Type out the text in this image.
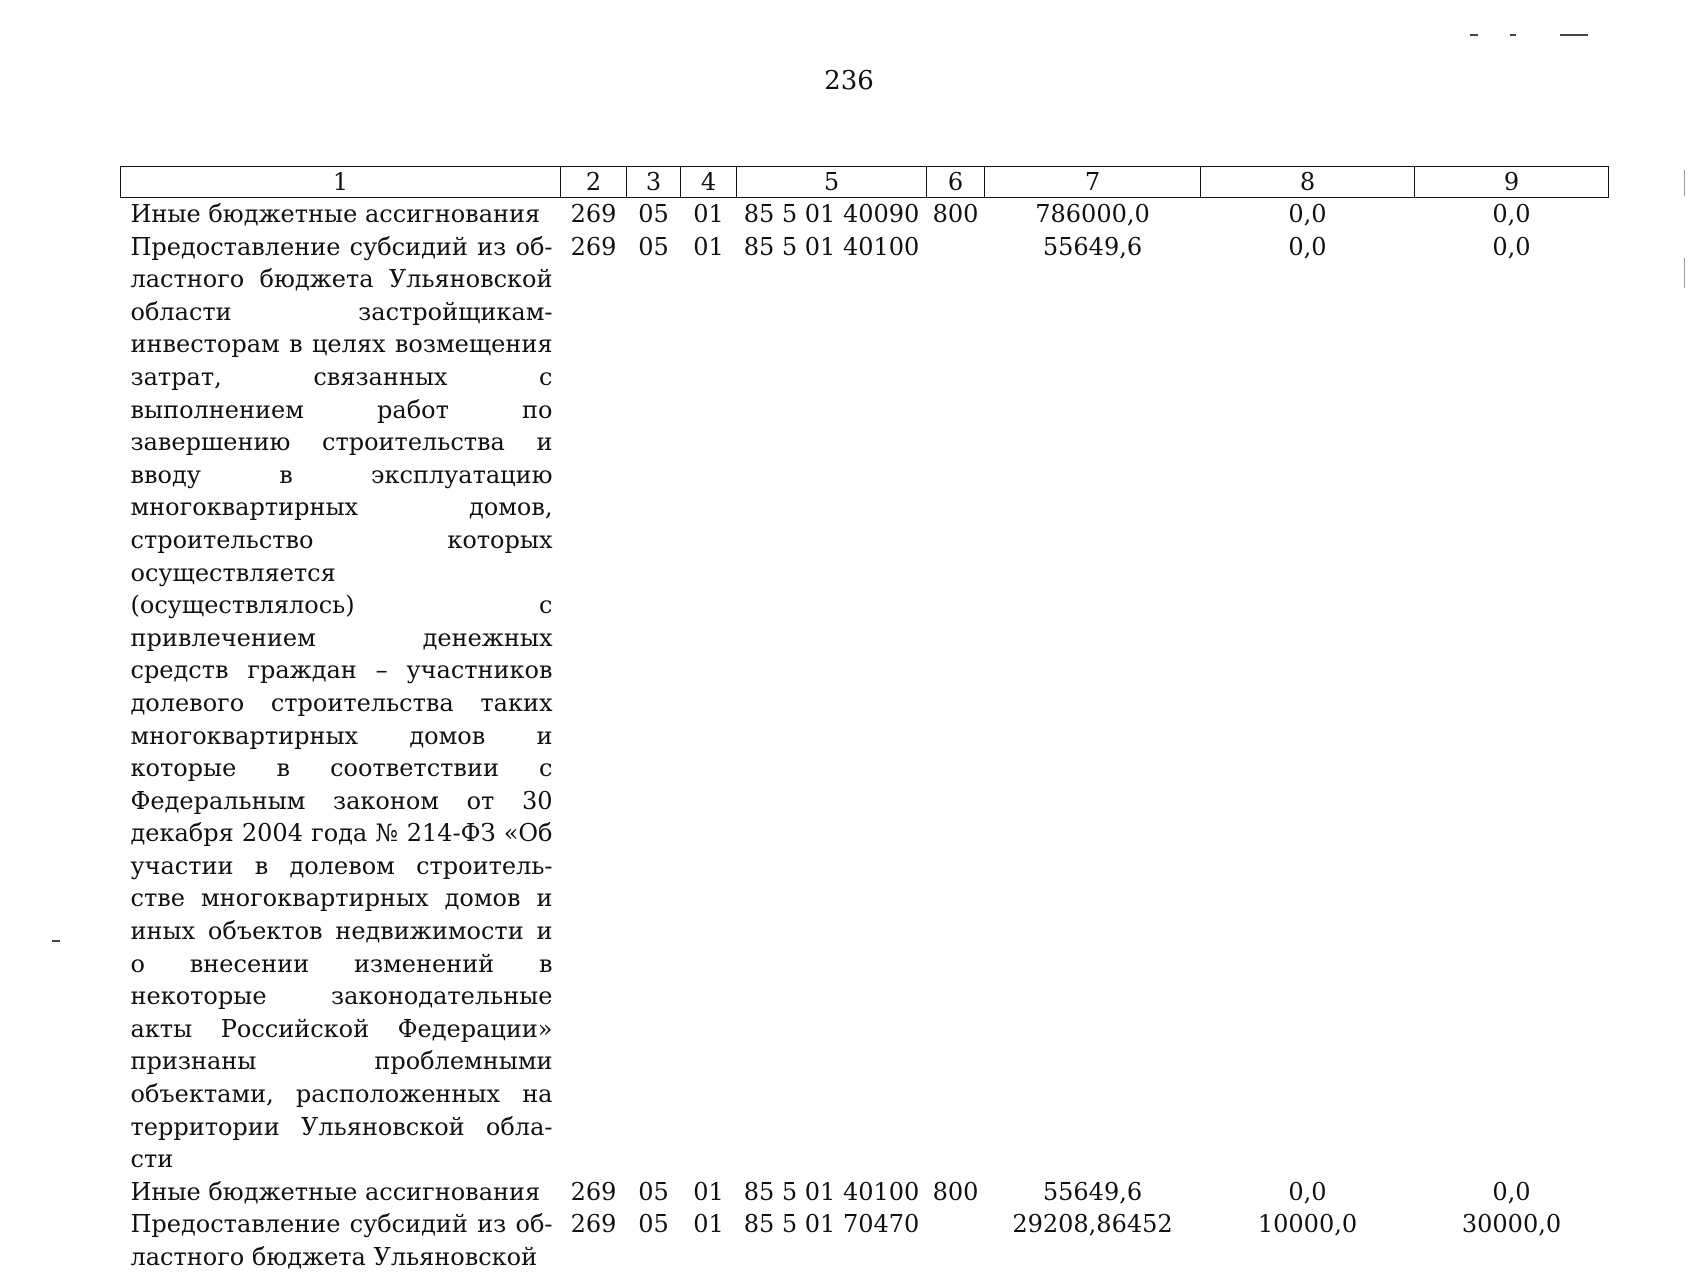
236
1	2	3	4	5	6	7	8	9
Иные бюджетные ассигнования	269	05	01	85 5 01 40090	800	786000,0	0,0	0,0
Предоставление субсидий из областного бюджета Ульяновской области застройщикам-инвесторам в целях возмещения затрат, связанных с выполнением работ по завершению строительства и вводу в эксплуатацию многоквартирных домов, строительство которых осуществляется (осуществлялось) с привлечением денежных средств граждан – участников долевого строительства таких многоквартирных домов и которые в соответствии с Федеральным законом от 30 декабря 2004 года № 214-ФЗ «Об участии в долевом строительстве многоквартирных домов и иных объектов недвижимости и о внесении изменений в некоторые законодательные акты Российской Федерации» признаны проблемными объектами, расположенных на территории Ульяновской области	269	05	01	85 5 01 40100		55649,6	0,0	0,0
Иные бюджетные ассигнования	269	05	01	85 5 01 40100	800	55649,6	0,0	0,0
Предоставление субсидий из областного бюджета Ульяновской	269	05	01	85 5 01 70470		29208,86452	10000,0	30000,0
